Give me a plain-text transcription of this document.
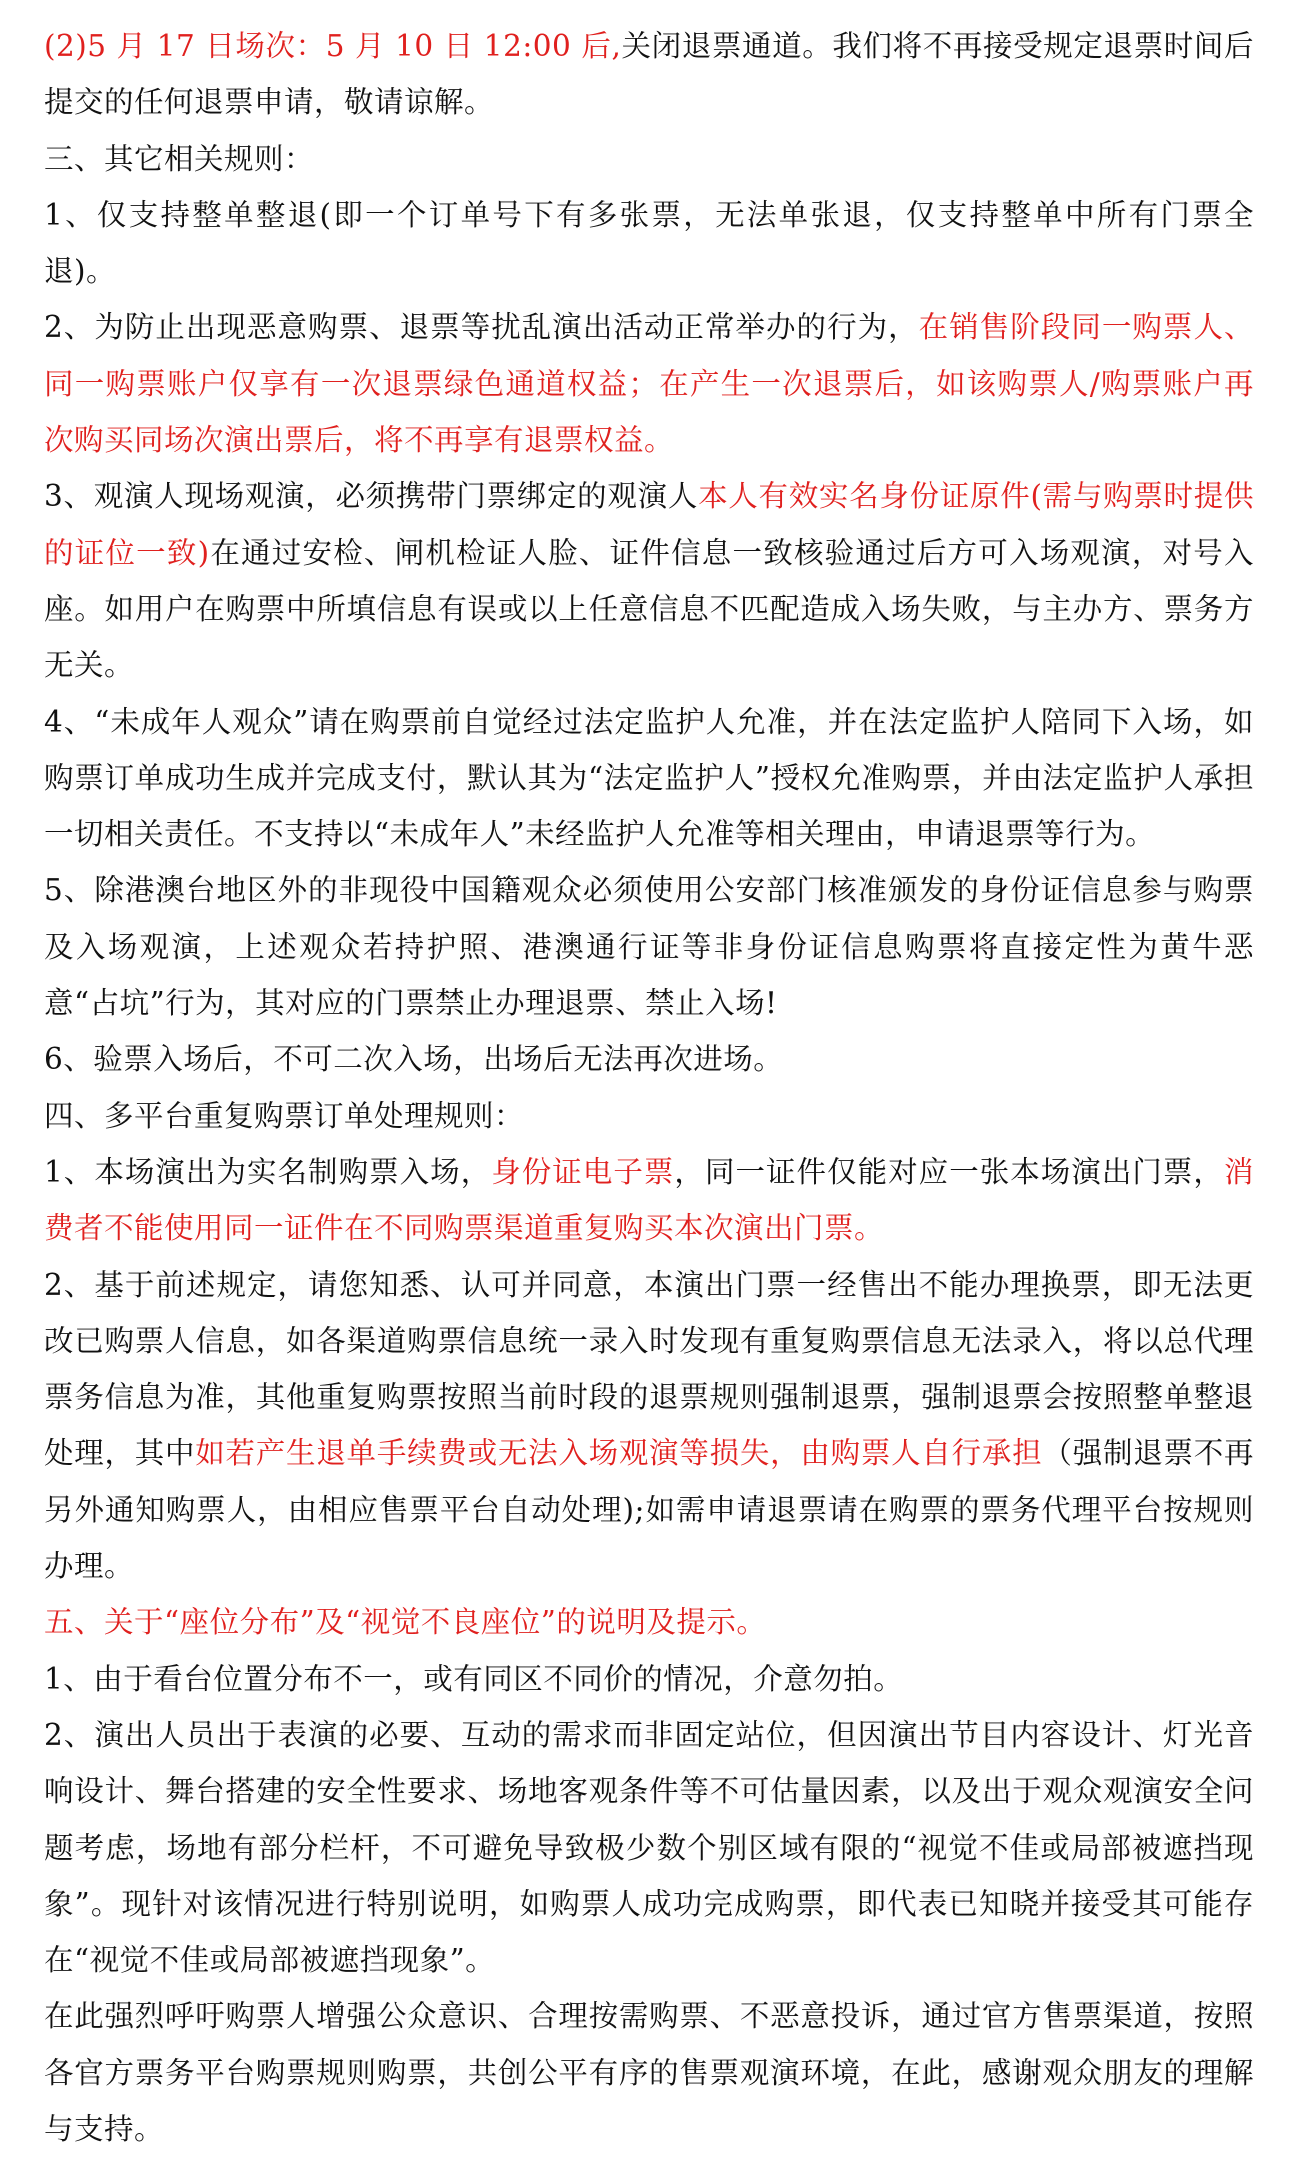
(2)5 月 17 日场次：5 月 10 日 12:00 后,关闭退票通道。我们将不再接受规定退票时间后提交的任何退票申请，敬请谅解。

三、其它相关规则：

1、仅支持整单整退(即一个订单号下有多张票，无法单张退，仅支持整单中所有门票全退)。

2、为防止出现恶意购票、退票等扰乱演出活动正常举办的行为，在销售阶段同一购票人、同一购票账户仅享有一次退票绿色通道权益；在产生一次退票后，如该购票人/购票账户再次购买同场次演出票后，将不再享有退票权益。

3、观演人现场观演，必须携带门票绑定的观演人本人有效实名身份证原件(需与购票时提供的证位一致)在通过安检、闸机检证人脸、证件信息一致核验通过后方可入场观演，对号入座。如用户在购票中所填信息有误或以上任意信息不匹配造成入场失败，与主办方、票务方无关。

4、“未成年人观众”请在购票前自觉经过法定监护人允准，并在法定监护人陪同下入场，如购票订单成功生成并完成支付，默认其为“法定监护人”授权允准购票，并由法定监护人承担一切相关责任。不支持以“未成年人”未经监护人允准等相关理由，申请退票等行为。

5、除港澳台地区外的非现役中国籍观众必须使用公安部门核准颁发的身份证信息参与购票及入场观演，上述观众若持护照、港澳通行证等非身份证信息购票将直接定性为黄牛恶意“占坑”行为，其对应的门票禁止办理退票、禁止入场!

6、验票入场后，不可二次入场，出场后无法再次进场。

四、多平台重复购票订单处理规则：

1、本场演出为实名制购票入场，身份证电子票，同一证件仅能对应一张本场演出门票，消费者不能使用同一证件在不同购票渠道重复购买本次演出门票。

2、基于前述规定，请您知悉、认可并同意，本演出门票一经售出不能办理换票，即无法更改已购票人信息，如各渠道购票信息统一录入时发现有重复购票信息无法录入，将以总代理票务信息为准，其他重复购票按照当前时段的退票规则强制退票，强制退票会按照整单整退处理，其中如若产生退单手续费或无法入场观演等损失，由购票人自行承担（强制退票不再另外通知购票人，由相应售票平台自动处理);如需申请退票请在购票的票务代理平台按规则办理。

五、关于“座位分布”及“视觉不良座位”的说明及提示。

1、由于看台位置分布不一，或有同区不同价的情况，介意勿拍。

2、演出人员出于表演的必要、互动的需求而非固定站位，但因演出节目内容设计、灯光音响设计、舞台搭建的安全性要求、场地客观条件等不可估量因素，以及出于观众观演安全问题考虑，场地有部分栏杆，不可避免导致极少数个别区域有限的“视觉不佳或局部被遮挡现象”。现针对该情况进行特别说明，如购票人成功完成购票，即代表已知晓并接受其可能存在“视觉不佳或局部被遮挡现象”。

在此强烈呼吁购票人增强公众意识、合理按需购票、不恶意投诉，通过官方售票渠道，按照各官方票务平台购票规则购票，共创公平有序的售票观演环境，在此，感谢观众朋友的理解与支持。
